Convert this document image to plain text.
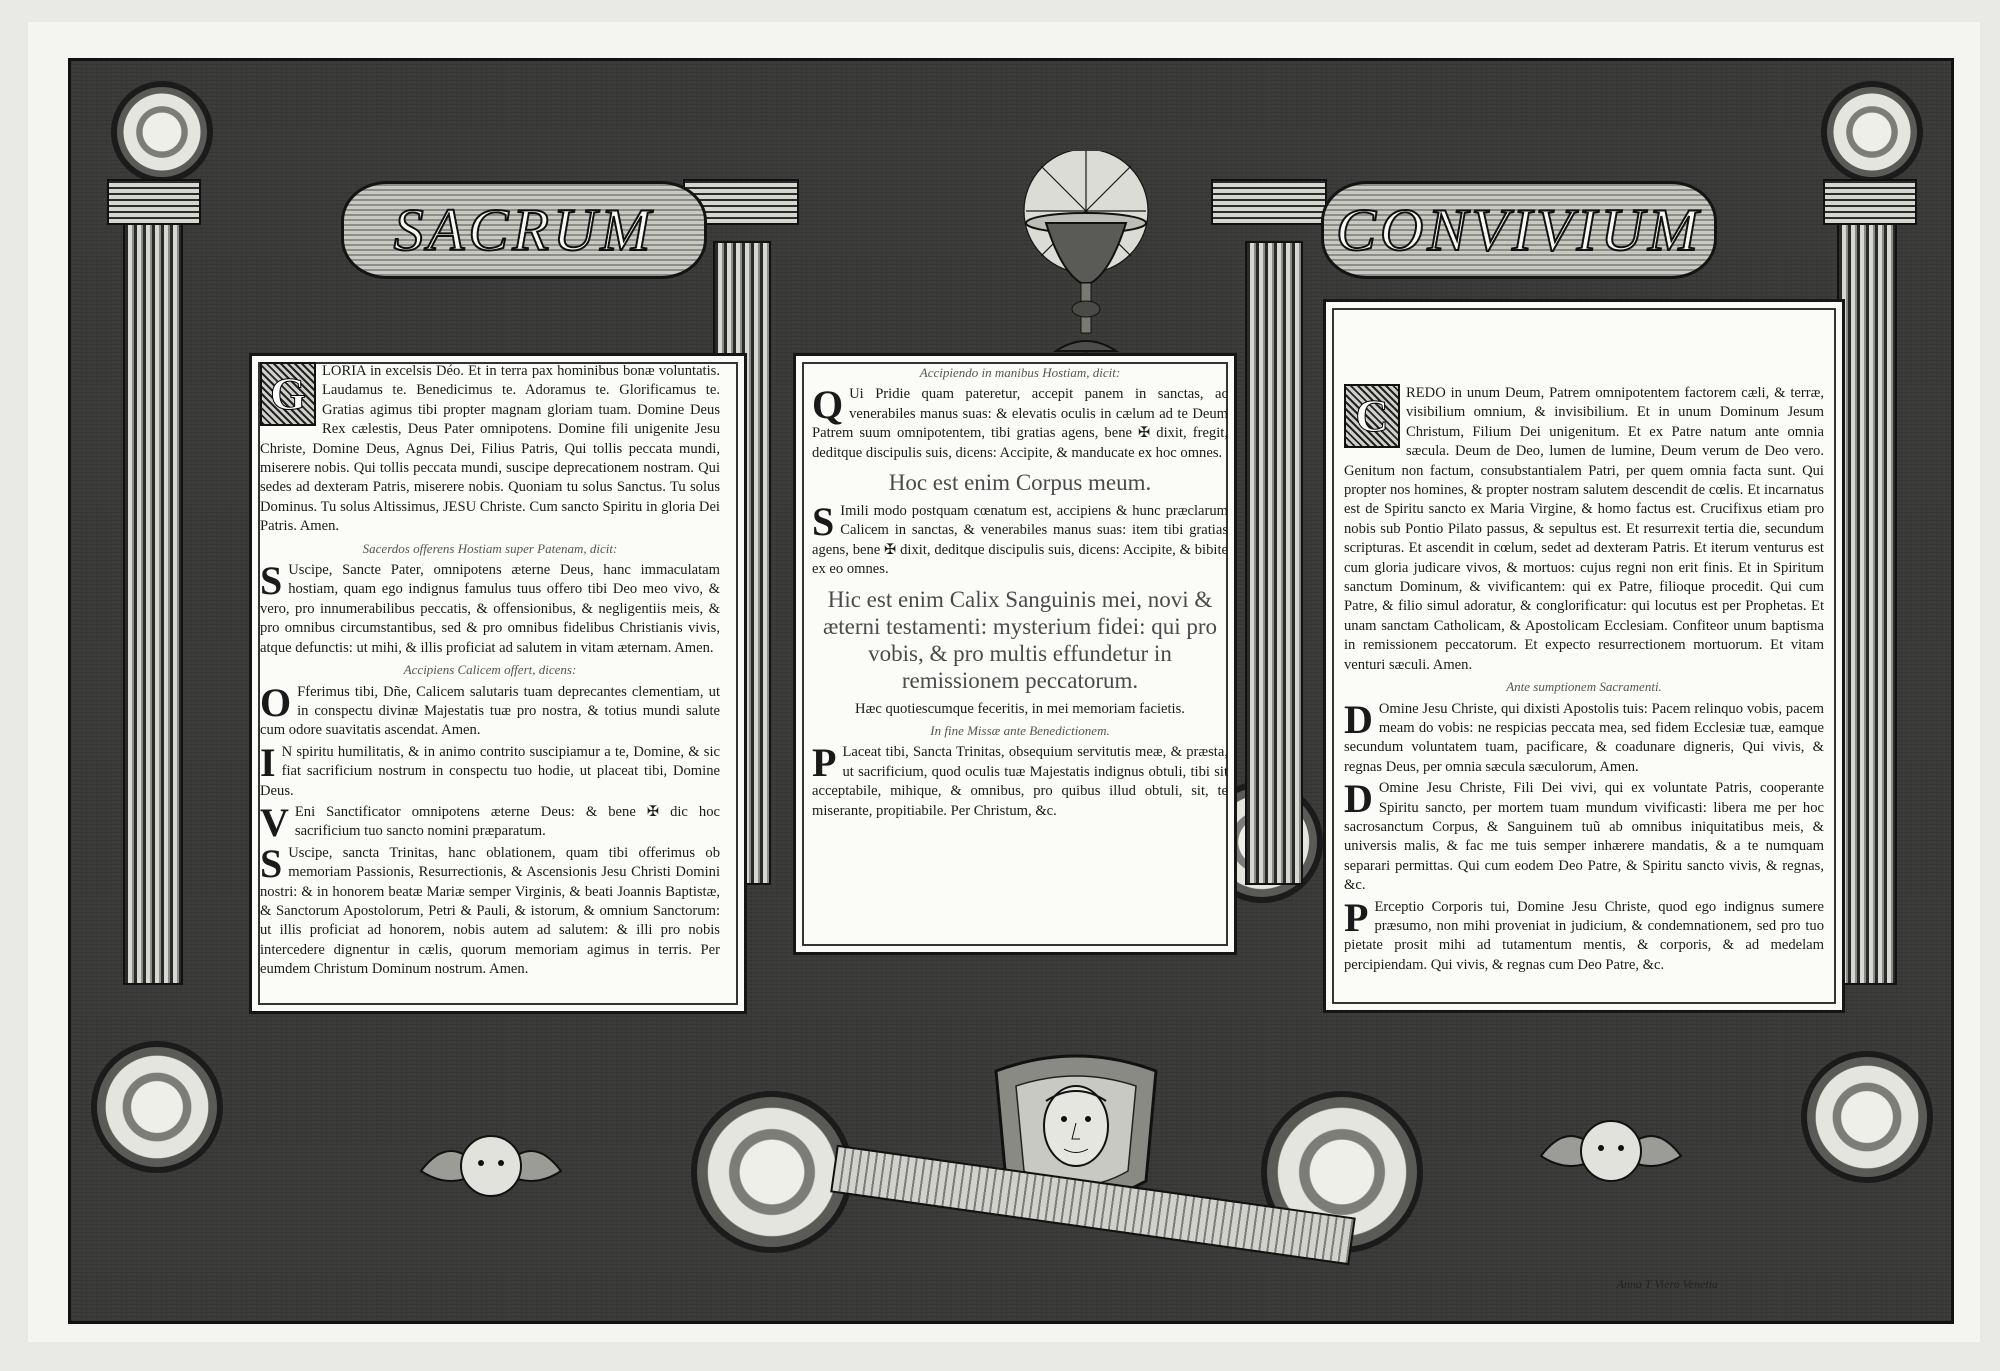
SACRUM	CONVIVIUM

G	LORIA in excelsis Déo. Et in terra pax hominibus bonæ voluntatis. Laudamus te. Benedicimus te. Adoramus te. Glorificamus te. Gratias agimus tibi propter magnam gloriam tuam. Domine Deus Rex cælestis, Deus Pater omnipotens. Domine fili unigenite Jesu Christe, Domine Deus, Agnus Dei, Filius Patris, Qui tollis peccata mundi, miserere nobis. Qui tollis peccata mundi, suscipe deprecationem nostram. Qui sedes ad dexteram Patris, miserere nobis. Quoniam tu solus Sanctus. Tu solus Dominus. Tu solus Altissimus, JESU Christe. Cum sancto Spiritu in gloria Dei Patris. Amen.

Sacerdos offerens Hostiam super Patenam, dicit:

S Uscipe, Sancte Pater, omnipotens æterne Deus, hanc immaculatam hostiam, quam ego indignus famulus tuus offero tibi Deo meo vivo, & vero, pro innumerabilibus peccatis, & offensionibus, & negligentiis meis, & pro omnibus circumstantibus, sed & pro omnibus fidelibus Christianis vivis, atque defunctis: ut mihi, & illis proficiat ad salutem in vitam æternam. Amen.

Accipiens Calicem offert, dicens:

O Fferimus tibi, Dñe, Calicem salutaris tuam deprecantes clementiam, ut in conspectu divinæ Majestatis tuæ pro nostra, & totius mundi salute cum odore suavitatis ascendat. Amen.

I N spiritu humilitatis, & in animo contrito suscipiamur a te, Domine, & sic fiat sacrificium nostrum in conspectu tuo hodie, ut placeat tibi, Domine Deus.

V Eni Sanctificator omnipotens æterne Deus: & bene ✠ dic hoc sacrificium tuo sancto nomini præparatum.

S Uscipe, sancta Trinitas, hanc oblationem, quam tibi offerimus ob memoriam Passionis, Resurrectionis, & Ascensionis Jesu Christi Domini nostri: & in honorem beatæ Mariæ semper Virginis, & beati Joannis Baptistæ, & Sanctorum Apostolorum, Petri & Pauli, & istorum, & omnium Sanctorum: ut illis proficiat ad honorem, nobis autem ad salutem: & illi pro nobis intercedere dignentur in cælis, quorum memoriam agimus in terris. Per eumdem Christum Dominum nostrum. Amen.

Accipiendo in manibus Hostiam, dicit:

Q Ui Pridie quam pateretur, accepit panem in sanctas, ac venerabiles manus suas: & elevatis oculis in cælum ad te Deum Patrem suum omnipotentem, tibi gratias agens, bene ✠ dixit, fregit, deditque discipulis suis, dicens: Accipite, & manducate ex hoc omnes.

Hoc est enim Corpus meum.

S Imili modo postquam cœnatum est, accipiens & hunc præclarum Calicem in sanctas, & venerabiles manus suas: item tibi gratias agens, bene ✠ dixit, deditque discipulis suis, dicens: Accipite, & bibite ex eo omnes.

Hic est enim Calix Sanguinis mei, novi & æterni testamenti: mysterium fidei: qui pro vobis, & pro multis effundetur in remissionem peccatorum.

Hæc quotiescumque feceritis, in mei memoriam facietis.

In fine Missæ ante Benedictionem.

P Laceat tibi, Sancta Trinitas, obsequium servitutis meæ, & præsta, ut sacrificium, quod oculis tuæ Majestatis indignus obtuli, tibi sit acceptabile, mihique, & omnibus, pro quibus illud obtuli, sit, te miserante, propitiabile. Per Christum, &c.

C	REDO in unum Deum, Patrem omnipotentem factorem cæli, & terræ, visibilium omnium, & invisibilium. Et in unum Dominum Jesum Christum, Filium Dei unigenitum. Et ex Patre natum ante omnia sæcula. Deum de Deo, lumen de lumine, Deum verum de Deo vero. Genitum non factum, consubstantialem Patri, per quem omnia facta sunt. Qui propter nos homines, & propter nostram salutem descendit de cœlis. Et incarnatus est de Spiritu sancto ex Maria Virgine, & homo factus est. Crucifixus etiam pro nobis sub Pontio Pilato passus, & sepultus est. Et resurrexit tertia die, secundum scripturas. Et ascendit in cœlum, sedet ad dexteram Patris. Et iterum venturus est cum gloria judicare vivos, & mortuos: cujus regni non erit finis. Et in Spiritum sanctum Dominum, & vivificantem: qui ex Patre, filioque procedit. Qui cum Patre, & filio simul adoratur, & conglorificatur: qui locutus est per Prophetas. Et unam sanctam Catholicam, & Apostolicam Ecclesiam. Confiteor unum baptisma in remissionem peccatorum. Et expecto resurrectionem mortuorum. Et vitam venturi sæculi. Amen.

Ante sumptionem Sacramenti.

D Omine Jesu Christe, qui dixisti Apostolis tuis: Pacem relinquo vobis, pacem meam do vobis: ne respicias peccata mea, sed fidem Ecclesiæ tuæ, eamque secundum voluntatem tuam, pacificare, & coadunare digneris, Qui vivis, & regnas Deus, per omnia sæcula sæculorum, Amen.

D Omine Jesu Christe, Fili Dei vivi, qui ex voluntate Patris, cooperante Spiritu sancto, per mortem tuam mundum vivificasti: libera me per hoc sacrosanctum Corpus, & Sanguinem tuũ ab omnibus iniquitatibus meis, & universis malis, & fac me tuis semper inhærere mandatis, & a te numquam separari permittas. Qui cum eodem Deo Patre, & Spiritu sancto vivis, & regnas, &c.

P Erceptio Corporis tui, Domine Jesu Christe, quod ego indignus sumere præsumo, non mihi proveniat in judicium, & condemnationem, sed pro tuo pietate prosit mihi ad tutamentum mentis, & corporis, & ad medelam percipiendam. Qui vivis, & regnas cum Deo Patre, &c.

Anna T Viero Venetia
